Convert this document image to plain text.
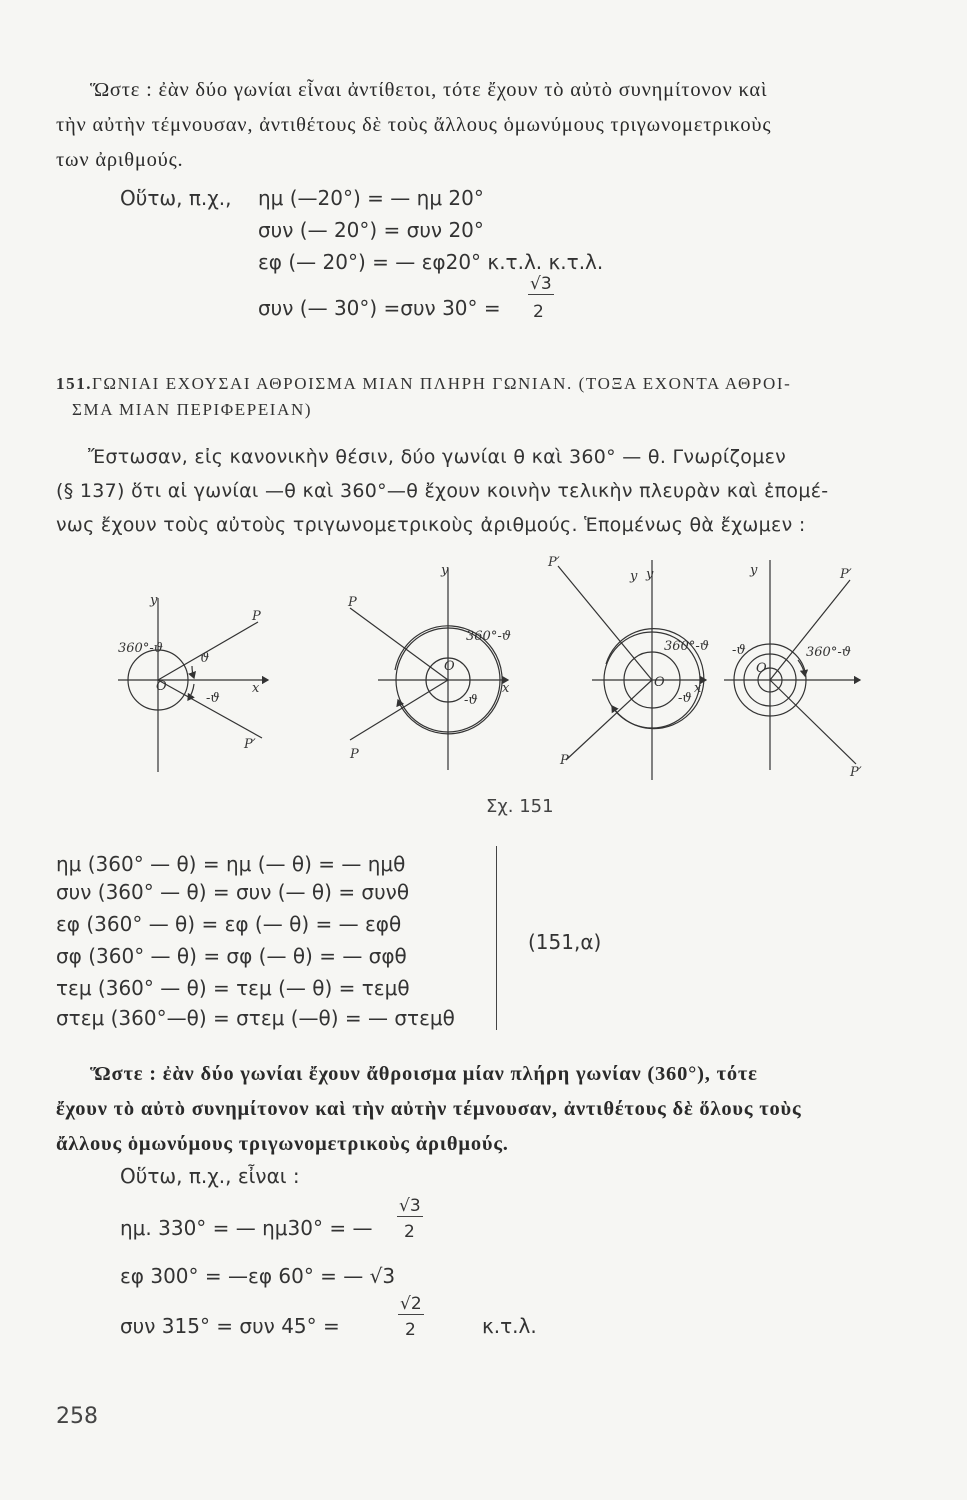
Ὥστε : ἐὰν δύο γωνίαι εἶναι ἀντίθετοι, τότε ἔχουν τὸ αὐτὸ συνημίτονον καὶ
τὴν αὐτὴν τέμνουσαν, ἀντιθέτους δὲ τοὺς ἄλλους ὁμωνύμους τριγωνομετρικοὺς
των ἀριθμούς.
Οὕτω, π.χ., ημ (—20°) = — ημ 20°
συν (— 20°) = συν 20°
εφ (— 20°) = — εφ20° κ.τ.λ. κ.τ.λ.
συν (— 30°) =συν 30° =
√3
2
151. ΓΩΝΙΑΙ ΕΧΟΥΣΑΙ ΑΘΡΟΙΣΜΑ ΜΙΑΝ ΠΛΗΡΗ ΓΩΝΙΑΝ. (ΤΟΞΑ ΕΧΟΝΤΑ ΑΘΡΟΙ-
ΣΜΑ ΜΙΑΝ ΠΕΡΙΦΕΡΕΙΑΝ)
Ἔστωσαν, εἰς κανονικὴν θέσιν, δύο γωνίαι θ καὶ 360° — θ. Γνωρίζομεν
(§ 137) ὅτι αἱ γωνίαι —θ καὶ 360°—θ ἔχουν κοινὴν τελικὴν πλευρὰν καὶ ἑπομέ-
νως ἔχουν τοὺς αὐτοὺς τριγωνομετρικοὺς ἀριθμούς. Ἑπομένως θὰ ἔχωμεν :
y
x
O
P
P′
ϑ
-ϑ
360°-ϑ
y
x
O
P
P
360°-ϑ
-ϑ
P′
y y
x
O
P
360°-ϑ
-ϑ
y	P′
O
360°-ϑ
-ϑ
P′
Σχ. 151
ημ (360° — θ) = ημ (— θ) = — ημθ
συν (360° — θ) = συν (— θ) = συνθ
εφ (360° — θ) = εφ (— θ) = — εφθ
σφ (360° — θ) = σφ (— θ) = — σφθ
τεμ (360° — θ) = τεμ (— θ) = τεμθ
στεμ (360°—θ) = στεμ (—θ) = — στεμθ
(151,α)
Ὥστε : ἐὰν δύο γωνίαι ἔχουν ἄθροισμα μίαν πλήρη γωνίαν (360°), τότε
ἔχουν τὸ αὐτὸ συνημίτονον καὶ τὴν αὐτὴν τέμνουσαν, ἀντιθέτους δὲ ὅλους τοὺς
ἄλλους ὁμωνύμους τριγωνομετρικοὺς ἀριθμούς.
Οὕτω, π.χ., εἶναι :
ημ. 330° = — ημ30° = —
√3
2
εφ 300° = —εφ 60° = — √3
συν 315° = συν 45° =
√2
2	κ.τ.λ.
258
